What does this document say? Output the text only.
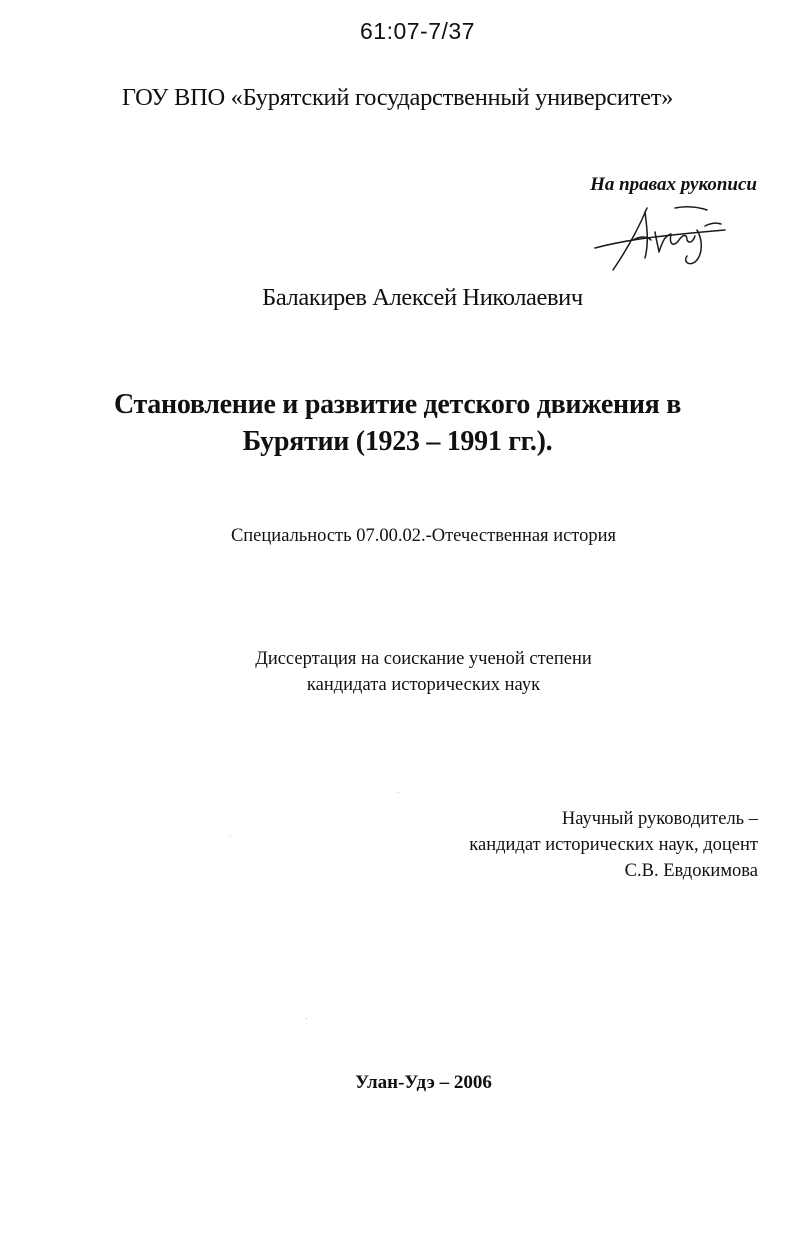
61:07-7/37
ГОУ ВПО «Бурятский государственный университет»
На правах рукописи
Балакирев Алексей Николаевич
Становление и развитие детского движения в
Бурятии (1923 – 1991 гг.).
Специальность 07.00.02.-Отечественная история
Диссертация на соискание ученой степени
кандидата исторических наук
Научный руководитель –
кандидат исторических наук, доцент
С.В. Евдокимова
Улан-Удэ – 2006
